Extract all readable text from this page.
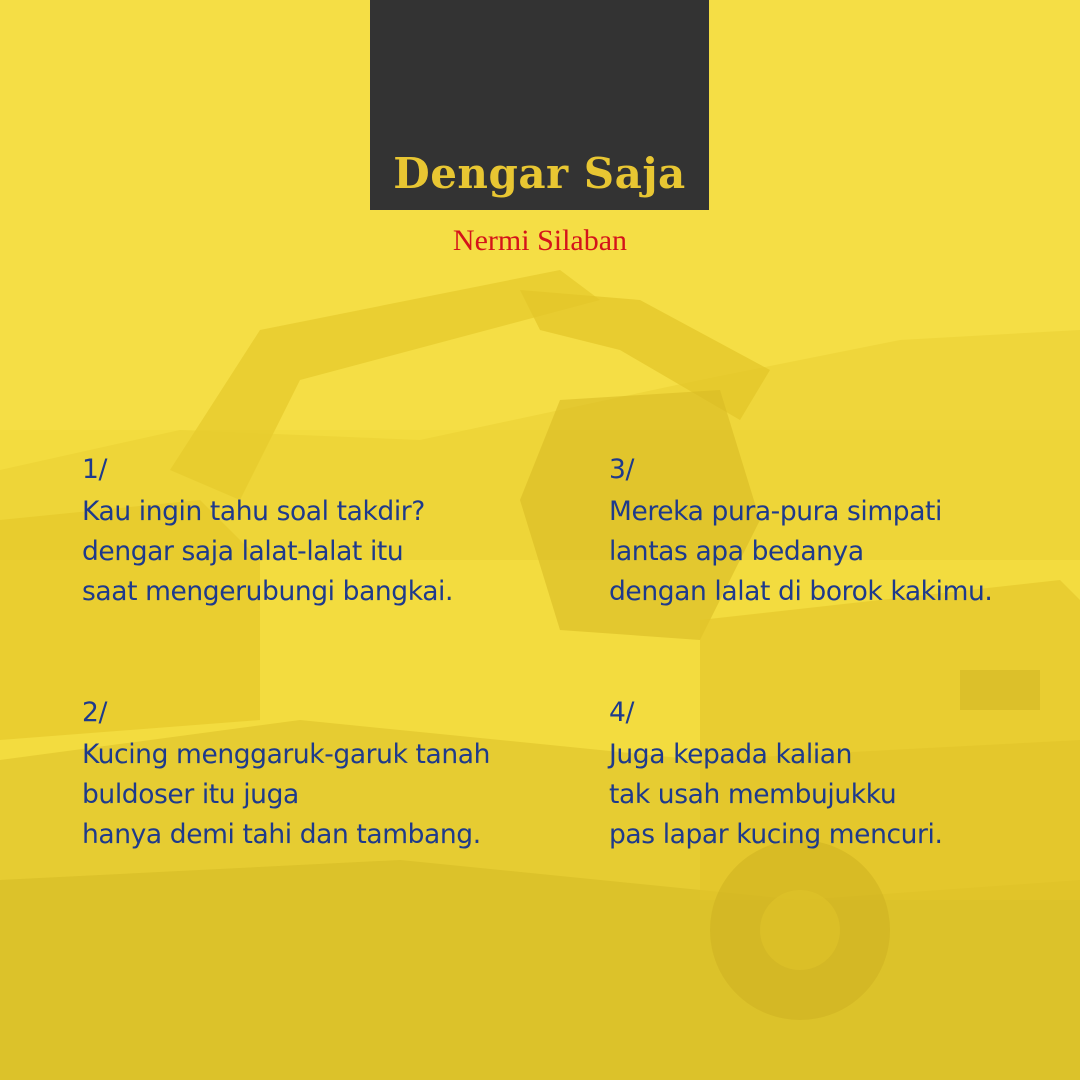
Dengar Saja
Nermi Silaban
1/
Kau ingin tahu soal takdir?
dengar saja lalat-lalat itu
saat mengerubungi bangkai.
2/
Kucing menggaruk-garuk tanah
buldoser itu juga
hanya demi tahi dan tambang.
3/
Mereka pura-pura simpati
lantas apa bedanya
dengan lalat di borok kakimu.
4/
Juga kepada kalian
tak usah membujukku
pas lapar kucing mencuri.
